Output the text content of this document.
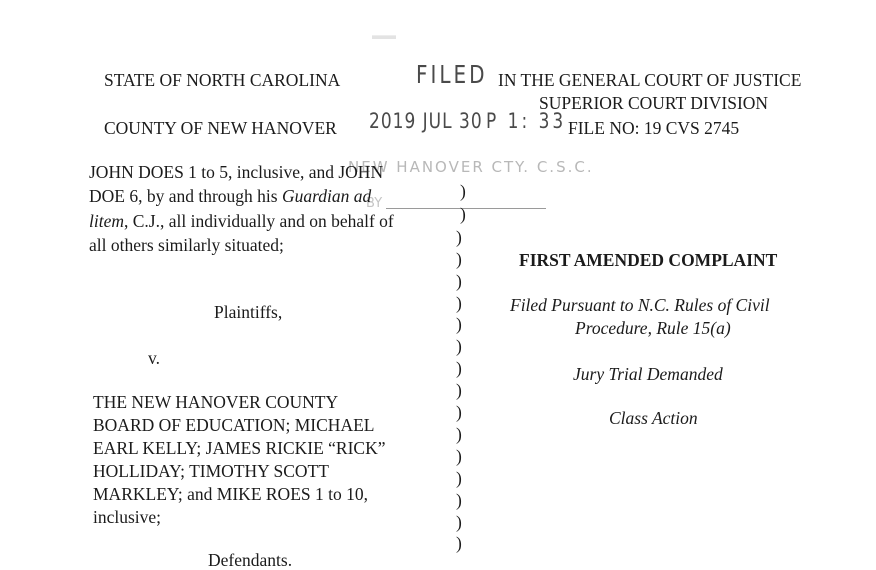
▬▬
STATE OF NORTH CAROLINA
COUNTY OF NEW HANOVER
IN THE GENERAL COURT OF JUSTICE
SUPERIOR COURT DIVISION
FILE NO: 19 CVS 2745
FILED
2019 JUL 30 P 1: 33
NEW HANOVER CTY. C.S.C.
BY
JOHN DOES 1 to 5, inclusive, and JOHN
DOE 6, by and through his Guardian ad
litem, C.J., all individually and on behalf of
all others similarly situated;
Plaintiffs,
v.
THE NEW HANOVER COUNTY
BOARD OF EDUCATION; MICHAEL
EARL KELLY; JAMES RICKIE “RICK”
HOLLIDAY; TIMOTHY SCOTT
MARKLEY; and MIKE ROES 1 to 10,
inclusive;
Defendants.
FIRST AMENDED COMPLAINT
Filed Pursuant to N.C. Rules of Civil
Procedure, Rule 15(a)
Jury Trial Demanded
Class Action
)
)
)
)
)
)
)
)
)
)
)
)
)
)
)
)
)
